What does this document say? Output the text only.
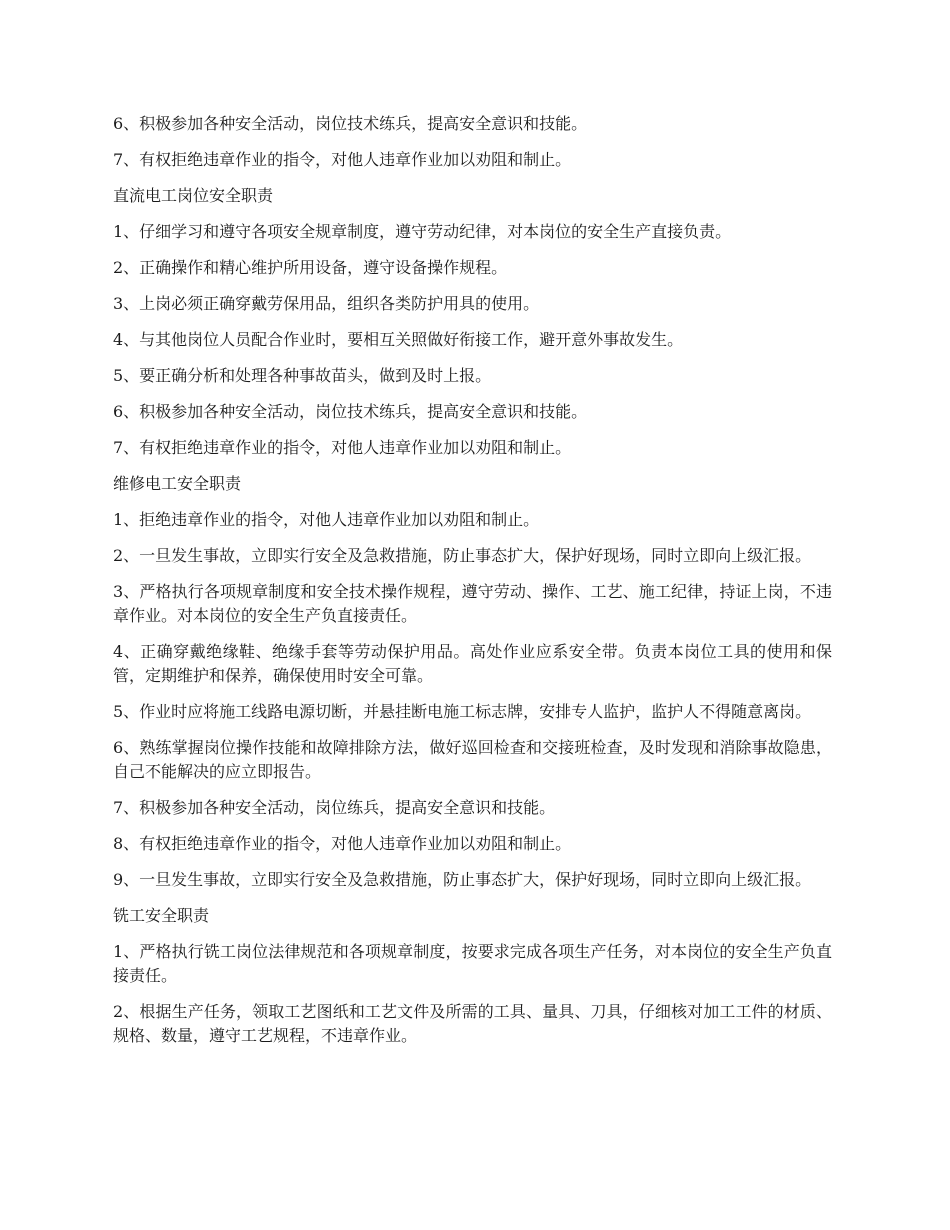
6、积极参加各种安全活动，岗位技术练兵，提高安全意识和技能。

7、有权拒绝违章作业的指令，对他人违章作业加以劝阻和制止。

直流电工岗位安全职责

1、仔细学习和遵守各项安全规章制度，遵守劳动纪律，对本岗位的安全生产直接负责。

2、正确操作和精心维护所用设备，遵守设备操作规程。

3、上岗必须正确穿戴劳保用品，组织各类防护用具的使用。

4、与其他岗位人员配合作业时，要相互关照做好衔接工作，避开意外事故发生。

5、要正确分析和处理各种事故苗头，做到及时上报。

6、积极参加各种安全活动，岗位技术练兵，提高安全意识和技能。

7、有权拒绝违章作业的指令，对他人违章作业加以劝阻和制止。

维修电工安全职责

1、拒绝违章作业的指令，对他人违章作业加以劝阻和制止。

2、一旦发生事故，立即实行安全及急救措施，防止事态扩大，保护好现场，同时立即向上级汇报。

3、严格执行各项规章制度和安全技术操作规程，遵守劳动、操作、工艺、施工纪律，持证上岗，不违章作业。对本岗位的安全生产负直接责任。

4、正确穿戴绝缘鞋、绝缘手套等劳动保护用品。高处作业应系安全带。负责本岗位工具的使用和保管，定期维护和保养，确保使用时安全可靠。

5、作业时应将施工线路电源切断，并悬挂断电施工标志牌，安排专人监护，监护人不得随意离岗。

6、熟练掌握岗位操作技能和故障排除方法，做好巡回检查和交接班检查，及时发现和消除事故隐患，自己不能解决的应立即报告。

7、积极参加各种安全活动，岗位练兵，提高安全意识和技能。

8、有权拒绝违章作业的指令，对他人违章作业加以劝阻和制止。

9、一旦发生事故，立即实行安全及急救措施，防止事态扩大，保护好现场，同时立即向上级汇报。

铣工安全职责

1、严格执行铣工岗位法律规范和各项规章制度，按要求完成各项生产任务，对本岗位的安全生产负直接责任。

2、根据生产任务，领取工艺图纸和工艺文件及所需的工具、量具、刀具，仔细核对加工工件的材质、规格、数量，遵守工艺规程，不违章作业。
